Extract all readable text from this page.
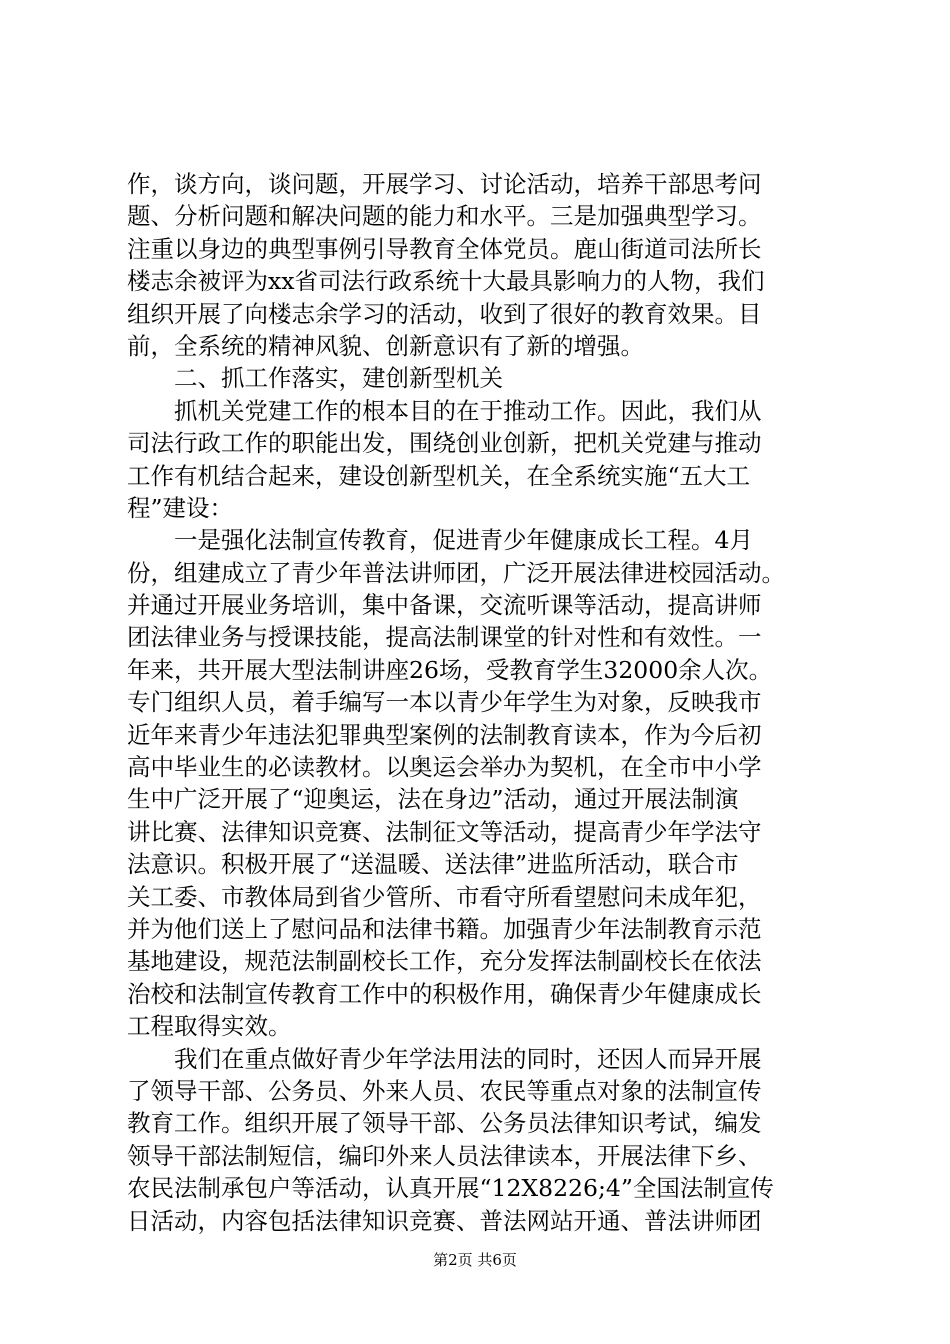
作，谈方向，谈问题，开展学习、讨论活动，培养干部思考问
题、分析问题和解决问题的能力和水平。三是加强典型学习。
注重以身边的典型事例引导教育全体党员。鹿山街道司法所长
楼志余被评为xx省司法行政系统十大最具影响力的人物，我们
组织开展了向楼志余学习的活动，收到了很好的教育效果。目
前，全系统的精神风貌、创新意识有了新的增强。
二、抓工作落实，建创新型机关
抓机关党建工作的根本目的在于推动工作。因此，我们从
司法行政工作的职能出发，围绕创业创新，把机关党建与推动
工作有机结合起来，建设创新型机关，在全系统实施“五大工
程”建设：
一是强化法制宣传教育，促进青少年健康成长工程。4月
份，组建成立了青少年普法讲师团，广泛开展法律进校园活动。
并通过开展业务培训，集中备课，交流听课等活动，提高讲师
团法律业务与授课技能，提高法制课堂的针对性和有效性。一
年来，共开展大型法制讲座26场，受教育学生32000余人次。
专门组织人员，着手编写一本以青少年学生为对象，反映我市
近年来青少年违法犯罪典型案例的法制教育读本，作为今后初
高中毕业生的必读教材。以奥运会举办为契机，在全市中小学
生中广泛开展了“迎奥运，法在身边”活动，通过开展法制演
讲比赛、法律知识竞赛、法制征文等活动，提高青少年学法守
法意识。积极开展了“送温暖、送法律”进监所活动，联合市
关工委、市教体局到省少管所、市看守所看望慰问未成年犯，
并为他们送上了慰问品和法律书籍。加强青少年法制教育示范
基地建设，规范法制副校长工作，充分发挥法制副校长在依法
治校和法制宣传教育工作中的积极作用，确保青少年健康成长
工程取得实效。
我们在重点做好青少年学法用法的同时，还因人而异开展
了领导干部、公务员、外来人员、农民等重点对象的法制宣传
教育工作。组织开展了领导干部、公务员法律知识考试，编发
领导干部法制短信，编印外来人员法律读本，开展法律下乡、
农民法制承包户等活动，认真开展“12X8226;4”全国法制宣传
日活动，内容包括法律知识竞赛、普法网站开通、普法讲师团
第2页 共6页
